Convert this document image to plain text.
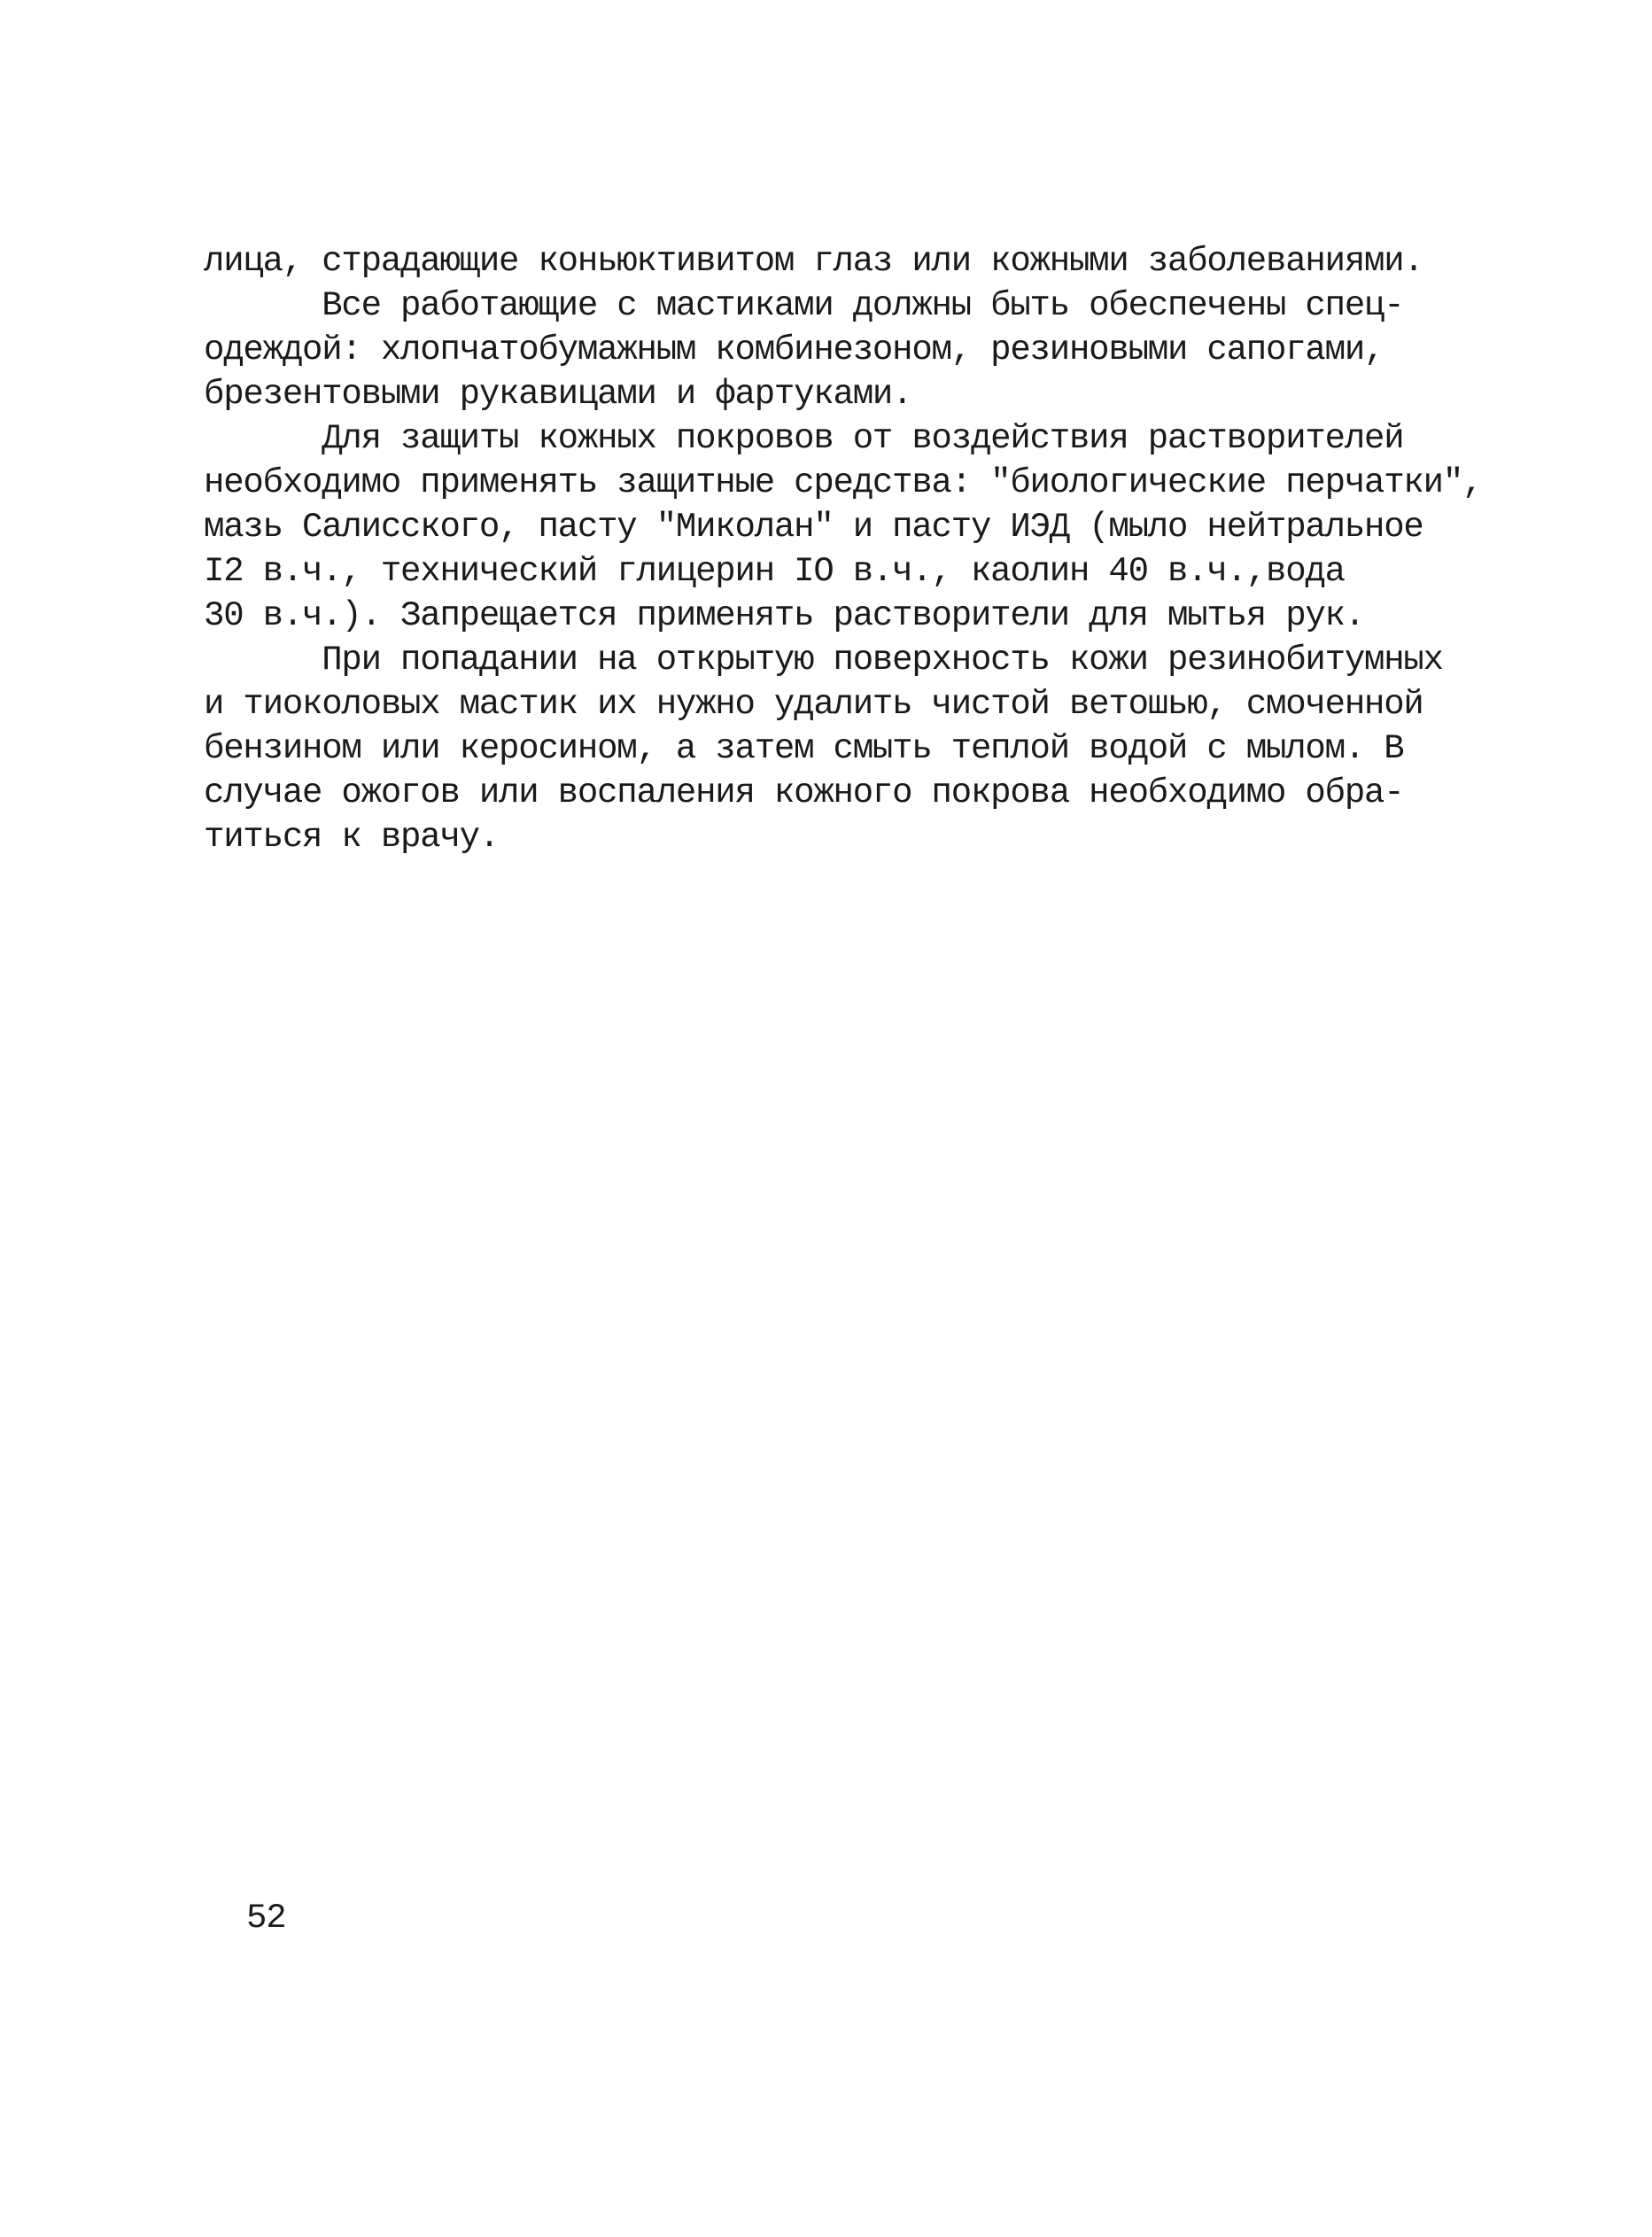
лица, страдающие коньюктивитом глаз или кожными заболеваниями.
Все работающие с мастиками должны быть обеспечены спец-
одеждой: хлопчатобумажным комбинезоном, резиновыми сапогами,
брезентовыми рукавицами и фартуками.
Для защиты кожных покровов от воздействия растворителей
необходимо применять защитные средства: "биологические перчатки",
мазь Салисского, пасту "Миколан" и пасту ИЭД (мыло нейтральное
I2 в.ч., технический глицерин IO в.ч., каолин 40 в.ч.,вода
30 в.ч.). Запрещается применять растворители для мытья рук.
При попадании на открытую поверхность кожи резинобитумных
и тиоколовых мастик их нужно удалить чистой ветошью, смоченной
бензином или керосином, а затем смыть теплой водой с мылом. В
случае ожогов или воспаления кожного покрова необходимо обра-
титься к врачу.
52
